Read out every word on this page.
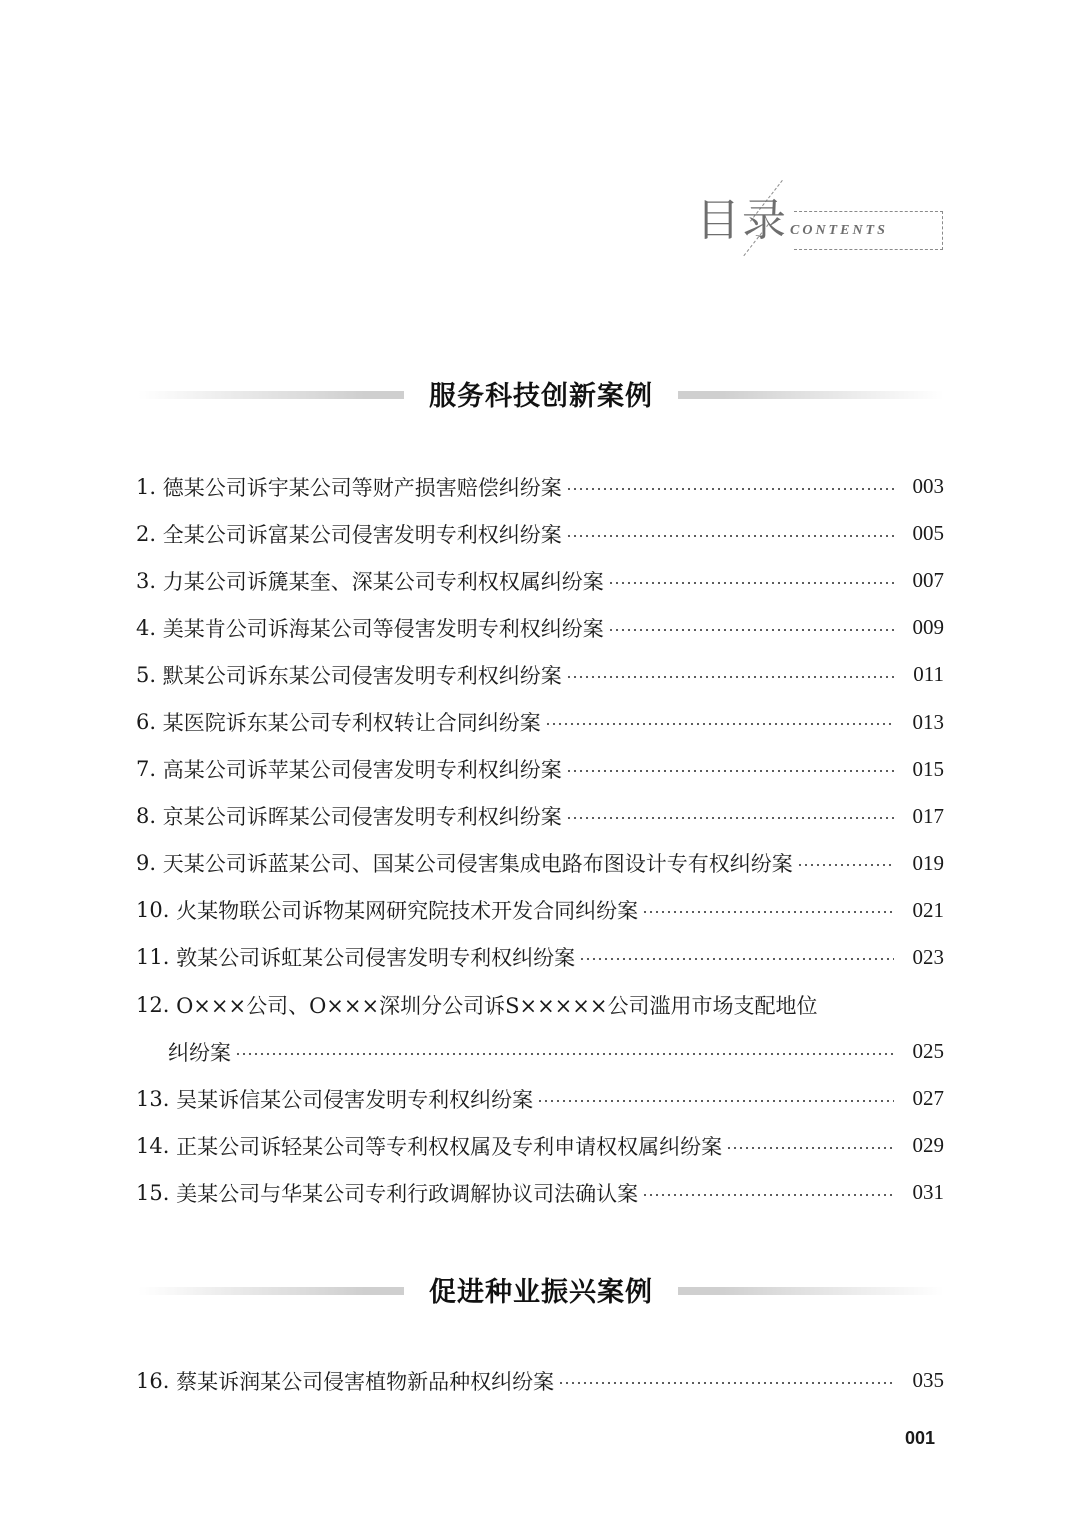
目录 CONTENTS
服务科技创新案例
1. 德某公司诉宇某公司等财产损害赔偿纠纷案	003
2. 全某公司诉富某公司侵害发明专利权纠纷案	005
3. 力某公司诉篪某奎、深某公司专利权权属纠纷案	007
4. 美某肯公司诉海某公司等侵害发明专利权纠纷案	009
5. 默某公司诉东某公司侵害发明专利权纠纷案	011
6. 某医院诉东某公司专利权转让合同纠纷案	013
7. 高某公司诉苹某公司侵害发明专利权纠纷案	015
8. 京某公司诉晖某公司侵害发明专利权纠纷案	017
9. 天某公司诉蓝某公司、国某公司侵害集成电路布图设计专有权纠纷案	019
10. 火某物联公司诉物某网研究院技术开发合同纠纷案	021
11. 敦某公司诉虹某公司侵害发明专利权纠纷案	023
12. O×××公司、O×××深圳分公司诉S×××××公司滥用市场支配地位
纠纷案	025
13. 吴某诉信某公司侵害发明专利权纠纷案	027
14. 正某公司诉轻某公司等专利权权属及专利申请权权属纠纷案	029
15. 美某公司与华某公司专利行政调解协议司法确认案	031
促进种业振兴案例
16. 蔡某诉润某公司侵害植物新品种权纠纷案	035
001
